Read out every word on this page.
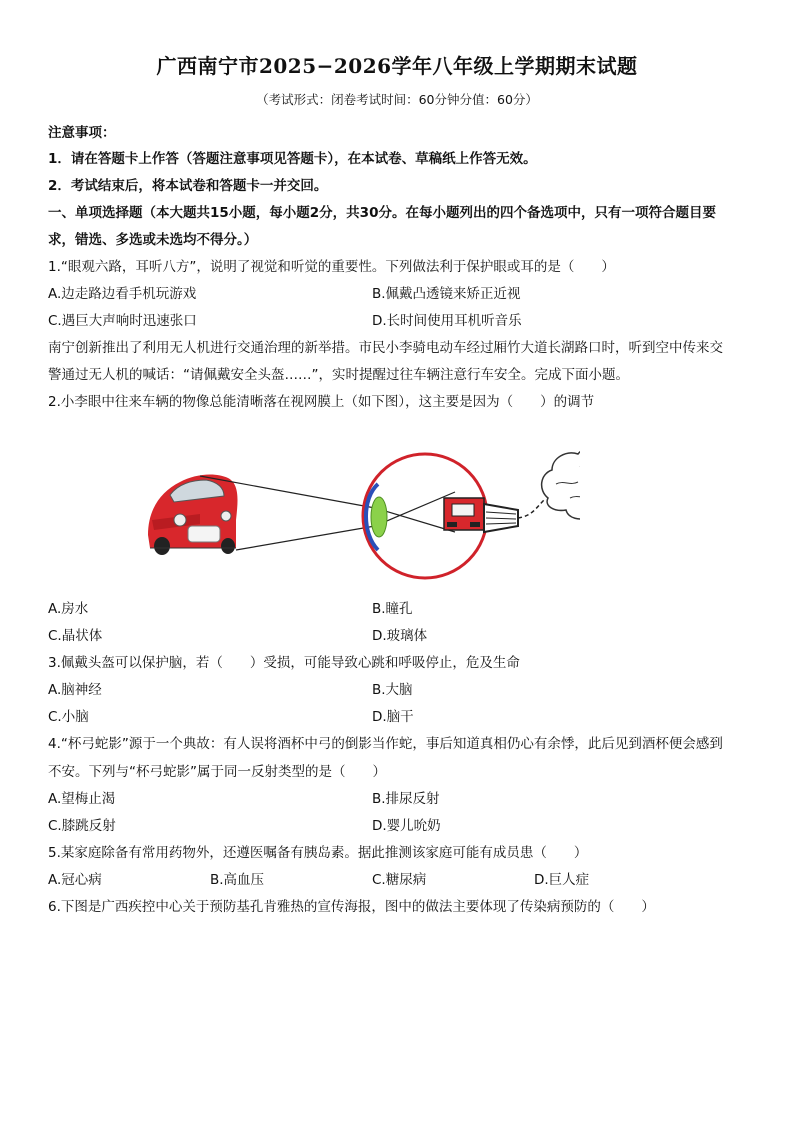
广西南宁市2025−2026学年八年级上学期期末试题
（考试形式：闭卷考试时间：60分钟分值：60分）
注意事项：
1．请在答题卡上作答（答题注意事项见答题卡），在本试卷、草稿纸上作答无效。
2．考试结束后，将本试卷和答题卡一并交回。
一、单项选择题（本大题共15小题，每小题2分，共30分。在每小题列出的四个备选项中，只有一项符合题目要
求，错选、多选或未选均不得分。）
1.“眼观六路，耳听八方”，说明了视觉和听觉的重要性。下列做法利于保护眼或耳的是（　　）
A.边走路边看手机玩游戏	B.佩戴凸透镜来矫正近视
C.遇巨大声响时迅速张口	D.长时间使用耳机听音乐
南宁创新推出了利用无人机进行交通治理的新举措。市民小李骑电动车经过厢竹大道长湖路口时，听到空中传来交
警通过无人机的喊话：“请佩戴安全头盔……”，实时提醒过往车辆注意行车安全。完成下面小题。
2.小李眼中往来车辆的物像总能清晰落在视网膜上（如下图），这主要是因为（　　）的调节
A.房水	B.瞳孔
C.晶状体	D.玻璃体
3.佩戴头盔可以保护脑，若（　　）受损，可能导致心跳和呼吸停止，危及生命
A.脑神经	B.大脑
C.小脑	D.脑干
4.“杯弓蛇影”源于一个典故：有人误将酒杯中弓的倒影当作蛇，事后知道真相仍心有余悸，此后见到酒杯便会感到
不安。下列与“杯弓蛇影”属于同一反射类型的是（　　）
A.望梅止渴	B.排尿反射
C.膝跳反射	D.婴儿吮奶
5.某家庭除备有常用药物外，还遵医嘱备有胰岛素。据此推测该家庭可能有成员患（　　）
A.冠心病	B.高血压	C.糖尿病	D.巨人症
6.下图是广西疾控中心关于预防基孔肯雅热的宣传海报，图中的做法主要体现了传染病预防的（　　）
